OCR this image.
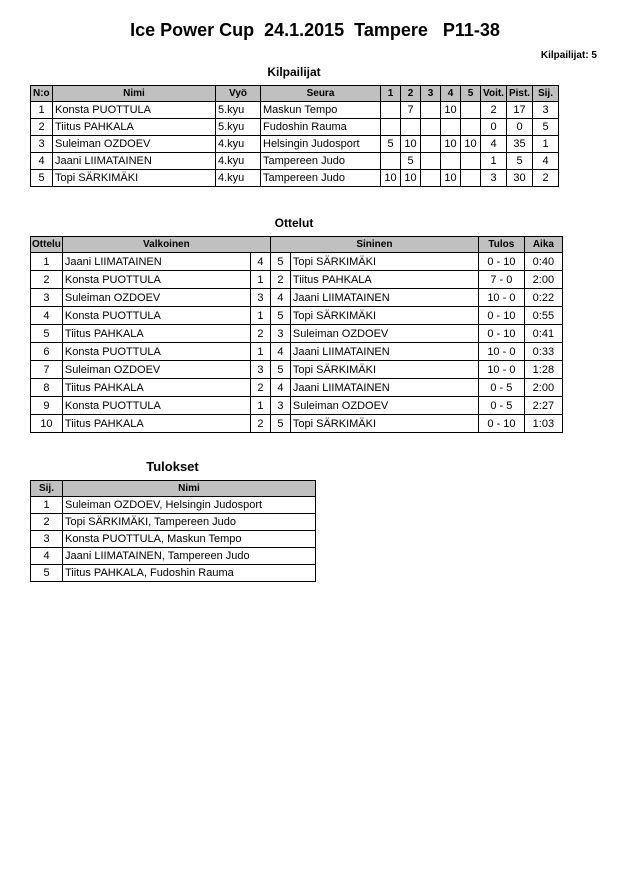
Ice Power Cup  24.1.2015  Tampere   P11-38
Kilpailijat: 5
Kilpailijat
N:o	Nimi	Vyö	Seura	1	2	3	4	5	Voit.	Pist.	Sij.
1	Konsta PUOTTULA	5.kyu	Maskun Tempo		7		10		2	17	3
2	Tiitus PAHKALA	5.kyu	Fudoshin Rauma						0	0	5
3	Suleiman OZDOEV	4.kyu	Helsingin Judosport	5	10		10	10	4	35	1
4	Jaani LIIMATAINEN	4.kyu	Tampereen Judo		5				1	5	4
5	Topi SÄRKIMÄKI	4.kyu	Tampereen Judo	10	10		10		3	30	2
Ottelut
Ottelu	Valkoinen		Sininen		Tulos	Aika
1	Jaani LIIMATAINEN	4	5	Topi SÄRKIMÄKI	0 - 10	0:40
2	Konsta PUOTTULA	1	2	Tiitus PAHKALA	7 - 0	2:00
3	Suleiman OZDOEV	3	4	Jaani LIIMATAINEN	10 - 0	0:22
4	Konsta PUOTTULA	1	5	Topi SÄRKIMÄKI	0 - 10	0:55
5	Tiitus PAHKALA	2	3	Suleiman OZDOEV	0 - 10	0:41
6	Konsta PUOTTULA	1	4	Jaani LIIMATAINEN	10 - 0	0:33
7	Suleiman OZDOEV	3	5	Topi SÄRKIMÄKI	10 - 0	1:28
8	Tiitus PAHKALA	2	4	Jaani LIIMATAINEN	0 - 5	2:00
9	Konsta PUOTTULA	1	3	Suleiman OZDOEV	0 - 5	2:27
10	Tiitus PAHKALA	2	5	Topi SÄRKIMÄKI	0 - 10	1:03
Tulokset
Sij.	Nimi
1	Suleiman OZDOEV, Helsingin Judosport
2	Topi SÄRKIMÄKI, Tampereen Judo
3	Konsta PUOTTULA, Maskun Tempo
4	Jaani LIIMATAINEN, Tampereen Judo
5	Tiitus PAHKALA, Fudoshin Rauma
